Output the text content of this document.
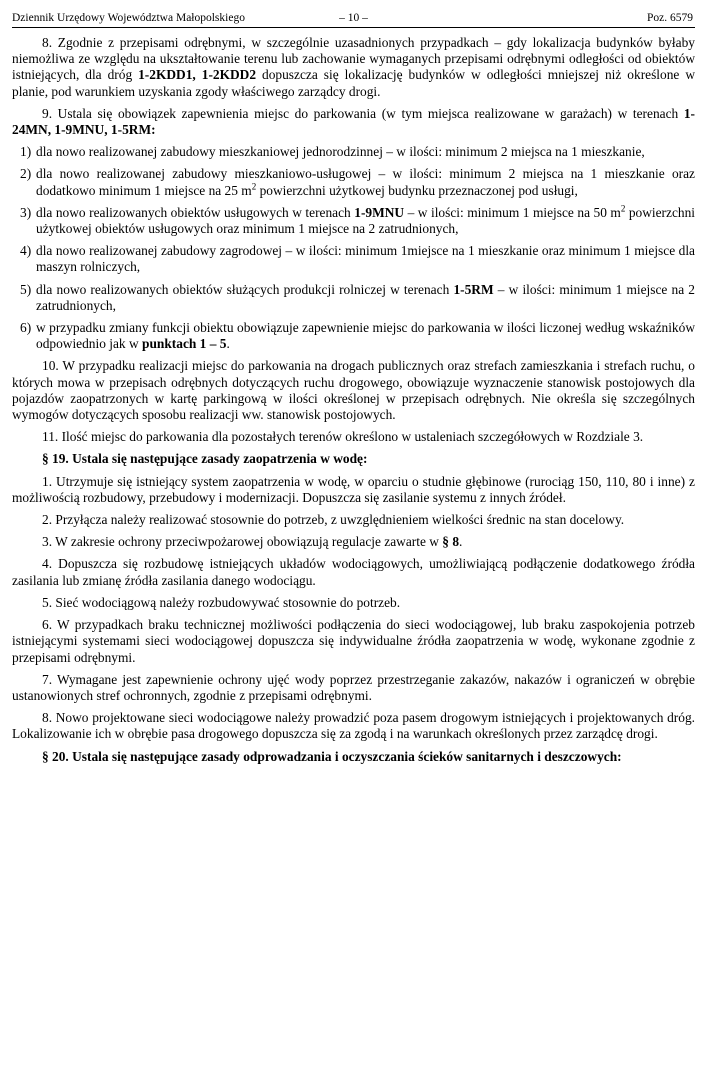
Dziennik Urzędowy Województwa Małopolskiego	– 10 –	Poz. 6579

8. Zgodnie z przepisami odrębnymi, w szczególnie uzasadnionych przypadkach – gdy lokalizacja budynków byłaby niemożliwa ze względu na ukształtowanie terenu lub zachowanie wymaganych przepisami odrębnymi odległości od obiektów istniejących, dla dróg 1-2KDD1, 1-2KDD2 dopuszcza się lokalizację budynków w odległości mniejszej niż określone w planie, pod warunkiem uzyskania zgody właściwego zarządcy drogi.

9. Ustala się obowiązek zapewnienia miejsc do parkowania (w tym miejsca realizowane w garażach) w terenach 1-24MN, 1-9MNU, 1-5RM:

1) dla nowo realizowanej zabudowy mieszkaniowej jednorodzinnej – w ilości: minimum 2 miejsca na 1 mieszkanie,
2) dla nowo realizowanej zabudowy mieszkaniowo-usługowej – w ilości: minimum 2 miejsca na 1 mieszkanie oraz dodatkowo minimum 1 miejsce na 25 $m^2$ powierzchni użytkowej budynku przeznaczonej pod usługi,
3) dla nowo realizowanych obiektów usługowych w terenach 1-9MNU – w ilości: minimum 1 miejsce na 50 $m^2$ powierzchni użytkowej obiektów usługowych oraz minimum 1 miejsce na 2 zatrudnionych,
4) dla nowo realizowanej zabudowy zagrodowej – w ilości: minimum 1miejsce na 1 mieszkanie oraz minimum 1 miejsce dla maszyn rolniczych,
5) dla nowo realizowanych obiektów służących produkcji rolniczej w terenach 1-5RM – w ilości: minimum 1 miejsce na 2 zatrudnionych,
6) w przypadku zmiany funkcji obiektu obowiązuje zapewnienie miejsc do parkowania w ilości liczonej według wskaźników odpowiednio jak w punktach 1 – 5.

10. W przypadku realizacji miejsc do parkowania na drogach publicznych oraz strefach zamieszkania i strefach ruchu, o których mowa w przepisach odrębnych dotyczących ruchu drogowego, obowiązuje wyznaczenie stanowisk postojowych dla pojazdów zaopatrzonych w kartę parkingową w ilości określonej w przepisach odrębnych. Nie określa się szczególnych wymogów dotyczących sposobu realizacji ww. stanowisk postojowych.

11. Ilość miejsc do parkowania dla pozostałych terenów określono w ustaleniach szczegółowych w Rozdziale 3.

§ 19. Ustala się następujące zasady zaopatrzenia w wodę:

1. Utrzymuje się istniejący system zaopatrzenia w wodę, w oparciu o studnie głębinowe (rurociąg 150, 110, 80 i inne) z możliwością rozbudowy, przebudowy i modernizacji. Dopuszcza się zasilanie systemu z innych źródeł.

2. Przyłącza należy realizować stosownie do potrzeb, z uwzględnieniem wielkości średnic na stan docelowy.

3. W zakresie ochrony przeciwpożarowej obowiązują regulacje zawarte w § 8.

4. Dopuszcza się rozbudowę istniejących układów wodociągowych, umożliwiającą podłączenie dodatkowego źródła zasilania lub zmianę źródła zasilania danego wodociągu.

5. Sieć wodociągową należy rozbudowywać stosownie do potrzeb.

6. W przypadkach braku technicznej możliwości podłączenia do sieci wodociągowej, lub braku zaspokojenia potrzeb istniejącymi systemami sieci wodociągowej dopuszcza się indywidualne źródła zaopatrzenia w wodę, wykonane zgodnie z przepisami odrębnymi.

7. Wymagane jest zapewnienie ochrony ujęć wody poprzez przestrzeganie zakazów, nakazów i ograniczeń w obrębie ustanowionych stref ochronnych, zgodnie z przepisami odrębnymi.

8. Nowo projektowane sieci wodociągowe należy prowadzić poza pasem drogowym istniejących i projektowanych dróg. Lokalizowanie ich w obrębie pasa drogowego dopuszcza się za zgodą i na warunkach określonych przez zarządcę drogi.

§ 20. Ustala się następujące zasady odprowadzania i oczyszczania ścieków sanitarnych i deszczowych:
